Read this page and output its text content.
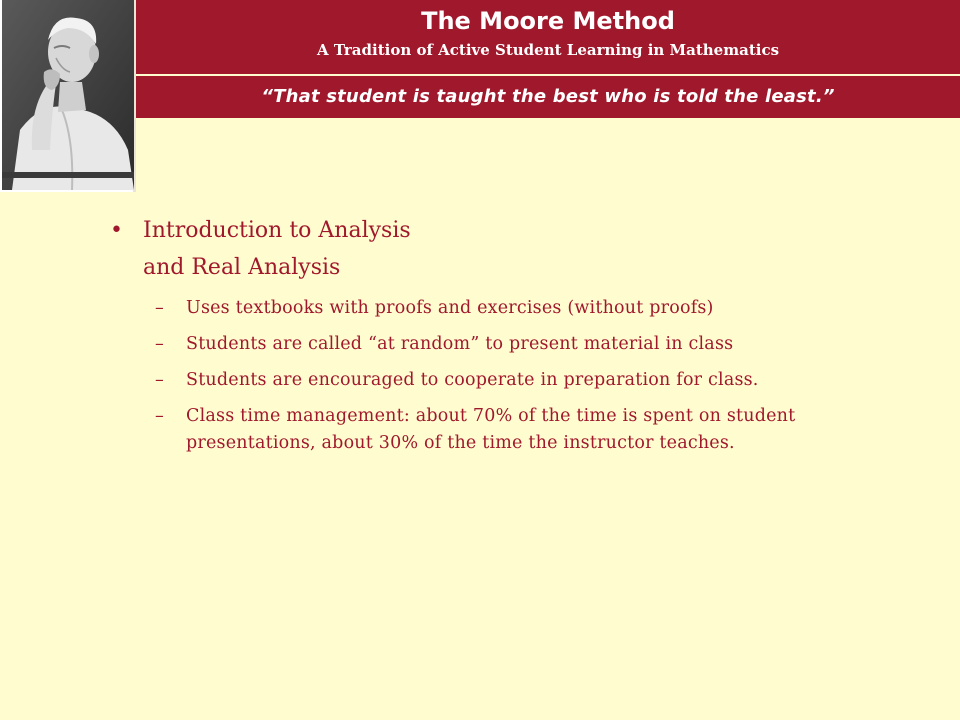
The Moore Method
A Tradition of Active Student Learning in Mathematics
“That student is taught the best who is told the least.”
• Introduction to Analysis
and Real Analysis
– Uses textbooks with proofs and exercises (without proofs)
– Students are called “at random” to present material in class
– Students are encouraged to cooperate in preparation for class.
– Class time management: about 70% of the time is spent on student presentations, about 30% of the time the instructor teaches.
